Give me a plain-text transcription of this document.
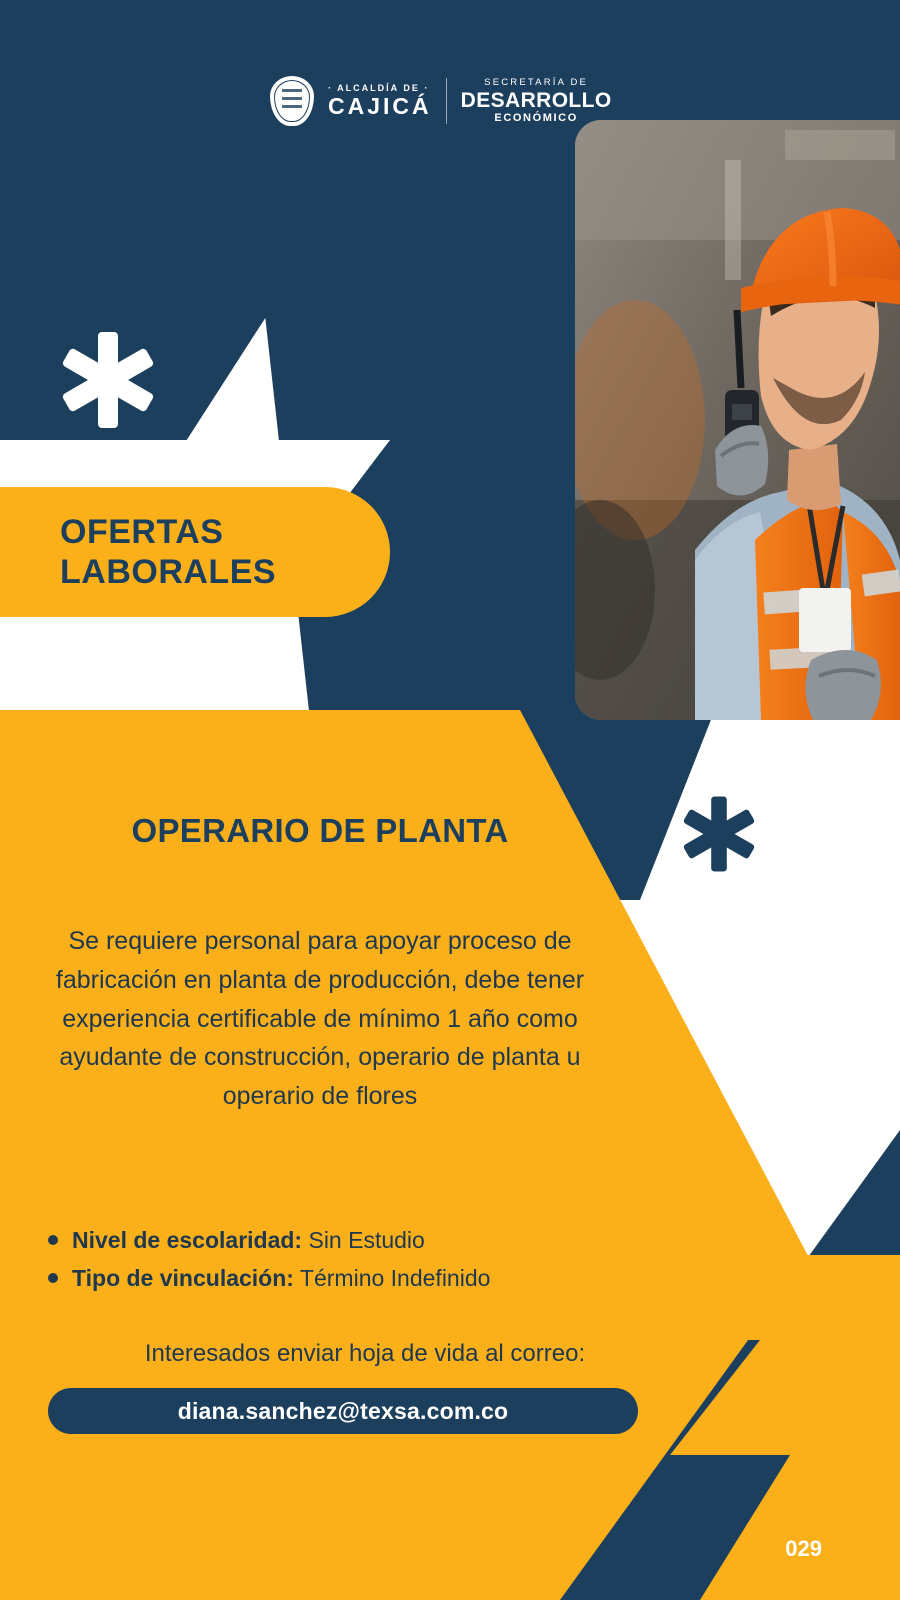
· ALCALDÍA DE ·
CAJICÁ
SECRETARÍA DE
DESARROLLO
ECONÓMICO
OFERTAS
LABORALES
OPERARIO DE PLANTA
Se requiere personal para apoyar proceso de fabricación en planta de producción, debe tener experiencia certificable de mínimo 1 año como ayudante de construcción, operario de planta u operario de flores
Nivel de escolaridad: Sin Estudio
Tipo de vinculación: Término Indefinido
Interesados enviar hoja de vida al correo:
diana.sanchez@texsa.com.co
029
